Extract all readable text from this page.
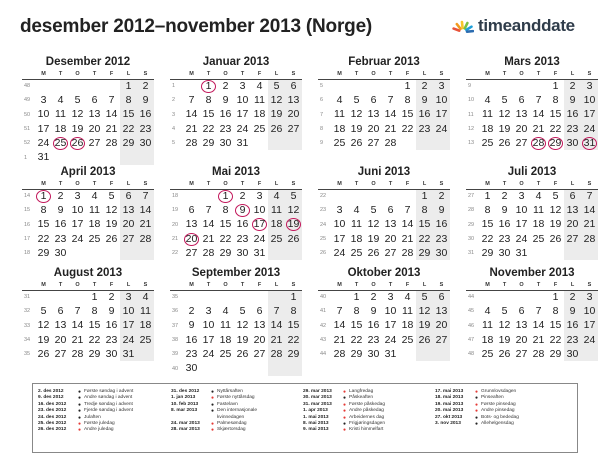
desember 2012–november 2013 (Norge)	timeanddate
Desember 2012
	M	T	O	T	F	L	S
48						1	2
49	3	4	5	6	7	8	9
50	10	11	12	13	14	15	16
51	17	18	19	20	21	22	23
52	24	25	26	27	28	29	30
1	31						
Januar 2013
	M	T	O	T	F	L	S
1		1	2	3	4	5	6
2	7	8	9	10	11	12	13
3	14	15	16	17	18	19	20
4	21	22	23	24	25	26	27
5	28	29	30	31			
Februar 2013
	M	T	O	T	F	L	S
5					1	2	3
6	4	5	6	7	8	9	10
7	11	12	13	14	15	16	17
8	18	19	20	21	22	23	24
9	25	26	27	28			
Mars 2013
	M	T	O	T	F	L	S
9					1	2	3
10	4	5	6	7	8	9	10
11	11	12	13	14	15	16	17
12	18	19	20	21	22	23	24
13	25	26	27	28	29	30	31
April 2013
	M	T	O	T	F	L	S
14	1	2	3	4	5	6	7
15	8	9	10	11	12	13	14
16	15	16	17	18	19	20	21
17	22	23	24	25	26	27	28
18	29	30					
Mai 2013
	M	T	O	T	F	L	S
18			1	2	3	4	5
19	6	7	8	9	10	11	12
20	13	14	15	16	17	18	19
21	20	21	22	23	24	25	26
22	27	28	29	30	31		
Juni 2013
	M	T	O	T	F	L	S
22						1	2
23	3	4	5	6	7	8	9
24	10	11	12	13	14	15	16
25	17	18	19	20	21	22	23
26	24	25	26	27	28	29	30
Juli 2013
	M	T	O	T	F	L	S
27	1	2	3	4	5	6	7
28	8	9	10	11	12	13	14
29	15	16	17	18	19	20	21
30	22	23	24	25	26	27	28
31	29	30	31				
August 2013
	M	T	O	T	F	L	S
31				1	2	3	4
32	5	6	7	8	9	10	11
33	12	13	14	15	16	17	18
34	19	20	21	22	23	24	25
35	26	27	28	29	30	31	
September 2013
	M	T	O	T	F	L	S
35							1
36	2	3	4	5	6	7	8
37	9	10	11	12	13	14	15
38	16	17	18	19	20	21	22
39	23	24	25	26	27	28	29
40	30						
Oktober 2013
	M	T	O	T	F	L	S
40		1	2	3	4	5	6
41	7	8	9	10	11	12	13
42	14	15	16	17	18	19	20
43	21	22	23	24	25	26	27
44	28	29	30	31			
November 2013
	M	T	O	T	F	L	S
44					1	2	3
45	4	5	6	7	8	9	10
46	11	12	13	14	15	16	17
47	18	19	20	21	22	23	24
48	25	26	27	28	29	30	
2. des 2012	● Første søndag i advent
9. des 2012	● Andre søndag i advent
16. des 2012 ● Tredje søndag i advent
23. des 2012 ● Fjerde søndag i advent
24. des 2012 ● Julaften
25. des 2012 ● Første juledag
26. des 2012 ● Andre juledag
31. des 2012 ● Nyttårsaften
1. jan 2013	● Første nyttårsdag
10. feb 2013	● Fastelavn
8. mar 2013	● Den internasjonale
kvinnedagen
24. mar 2013 ● Palmesøndag
28. mar 2013 ● Skjærtorsdag
29. mar 2013 ● Langfredag
30. mar 2013 ● Påskeaften
31. mar 2013 ● Første påskedag
1. apr 2013	● Andre påskedag
1. mai 2013	● Arbeidernes dag
8. mai 2013	● Frigjøringsdagen
9. mai 2013	● Kristi himmelfart
17. mai 2013 ● Grunnlovsdagen
18. mai 2013 ● Pinseaften
19. mai 2013 ● Første pinsedag
20. mai 2013 ● Andre pinsedag
27. okt 2013	● Bots- og bededag
3. nov 2013	● Allehelgensdag
